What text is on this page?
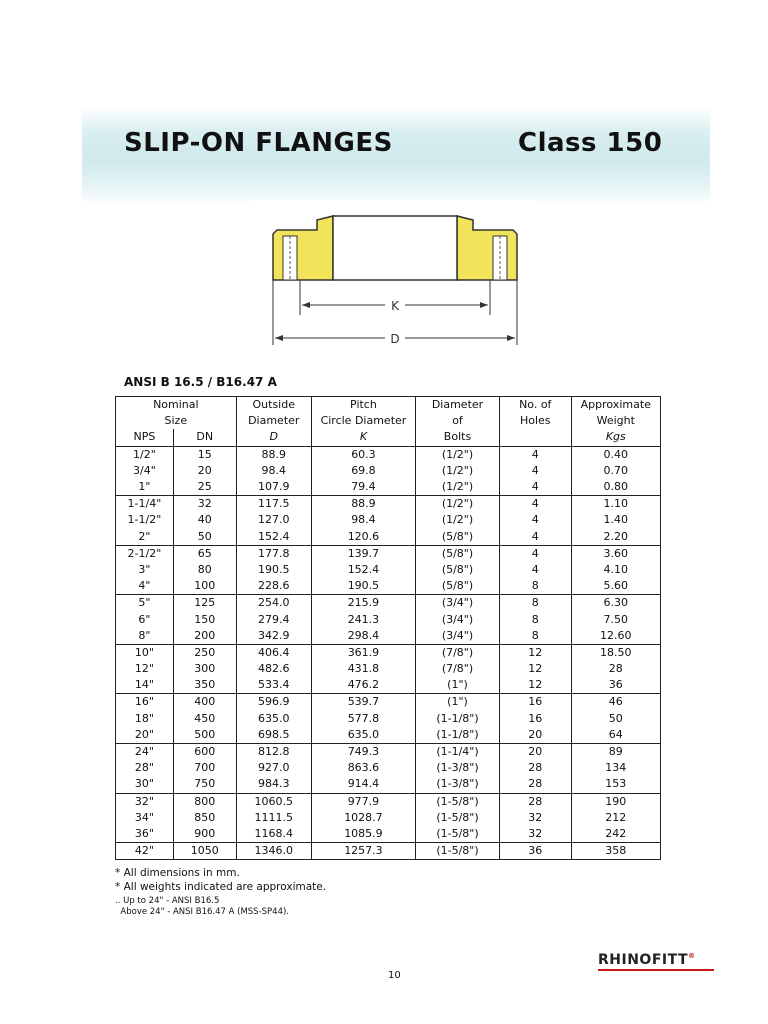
SLIP-ON FLANGES	Class 150
K
D
ANSI B 16.5 / B16.47 A
Nominal		Outside	Pitch	Diameter	No. of	Approximate
Size		Diameter	Circle Diameter	of	Holes	Weight
NPS	DN	D	K	Bolts		Kgs
1/2"	15	88.9	60.3	(1/2")	4	0.40
3/4"	20	98.4	69.8	(1/2")	4	0.70
1"	25	107.9	79.4	(1/2")	4	0.80
1-1/4"	32	117.5	88.9	(1/2")	4	1.10
1-1/2"	40	127.0	98.4	(1/2")	4	1.40
2"	50	152.4	120.6	(5/8")	4	2.20
2-1/2"	65	177.8	139.7	(5/8")	4	3.60
3"	80	190.5	152.4	(5/8")	4	4.10
4"	100	228.6	190.5	(5/8")	8	5.60
5"	125	254.0	215.9	(3/4")	8	6.30
6"	150	279.4	241.3	(3/4")	8	7.50
8"	200	342.9	298.4	(3/4")	8	12.60
10"	250	406.4	361.9	(7/8")	12	18.50
12"	300	482.6	431.8	(7/8")	12	28
14"	350	533.4	476.2	(1")	12	36
16"	400	596.9	539.7	(1")	16	46
18"	450	635.0	577.8	(1-1/8")	16	50
20"	500	698.5	635.0	(1-1/8")	20	64
24"	600	812.8	749.3	(1-1/4")	20	89
28"	700	927.0	863.6	(1-3/8")	28	134
30"	750	984.3	914.4	(1-3/8")	28	153
32"	800	1060.5	977.9	(1-5/8")	28	190
34"	850	1111.5	1028.7	(1-5/8")	32	212
36"	900	1168.4	1085.9	(1-5/8")	32	242
42"	1050	1346.0	1257.3	(1-5/8")	36	358
* All dimensions in mm.
* All weights indicated are approximate.
.. Up to 24" - ANSI B16.5
Above 24" - ANSI B16.47 A (MSS-SP44).
10
RHINOFITT®
